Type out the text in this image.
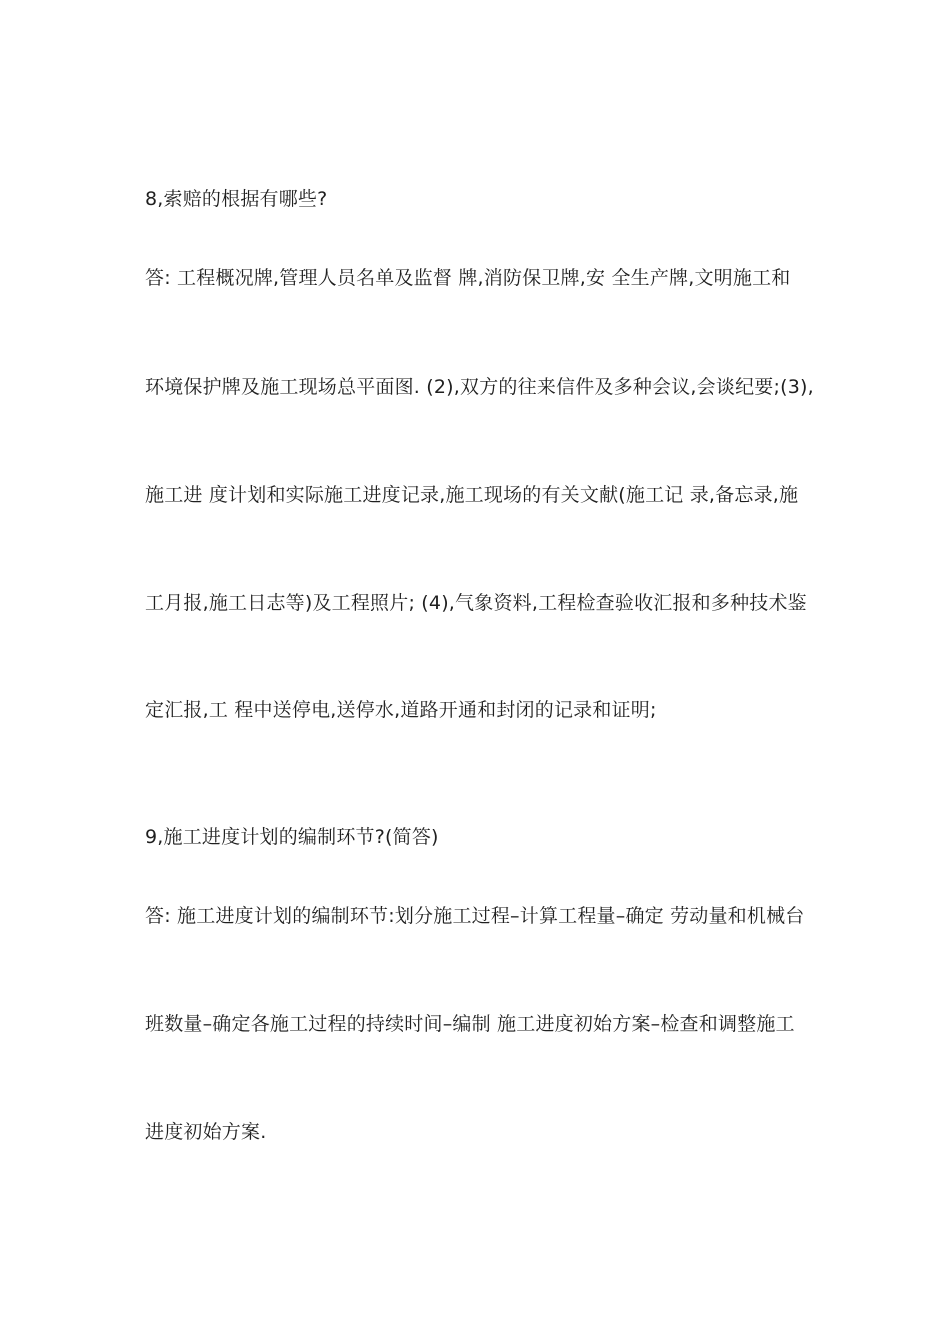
8,索赔的根据有哪些?
答: 工程概况牌,管理人员名单及监督 牌,消防保卫牌,安 全生产牌,文明施工和
环境保护牌及施工现场总平面图. (2),双方的往来信件及多种会议,会谈纪要;(3),
施工进 度计划和实际施工进度记录,施工现场的有关文献(施工记 录,备忘录,施
工月报,施工日志等)及工程照片; (4),气象资料,工程检查验收汇报和多种技术鉴
定汇报,工 程中送停电,送停水,道路开通和封闭的记录和证明;
9,施工进度计划的编制环节?(简答)
答: 施工进度计划的编制环节:划分施工过程–计算工程量–确定 劳动量和机械台
班数量–确定各施工过程的持续时间–编制 施工进度初始方案–检查和调整施工
进度初始方案.
